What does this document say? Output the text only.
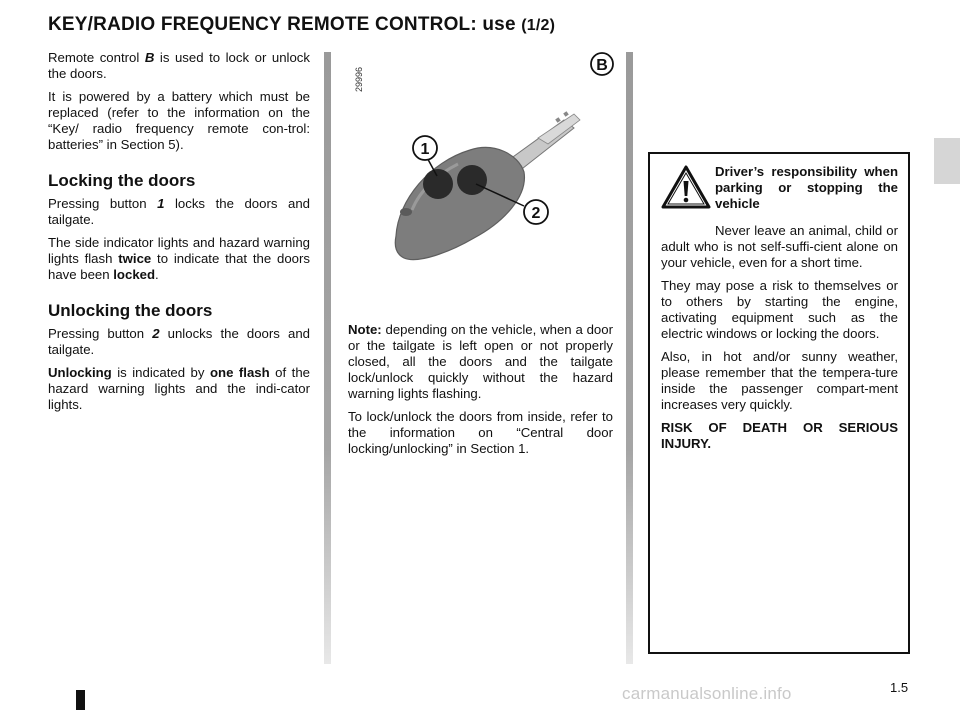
KEY/RADIO FREQUENCY REMOTE CONTROL: use (1/2)

Remote control B is used to lock or unlock the doors.

It is powered by a battery which must be replaced (refer to the information on the “Key/ radio frequency remote con-trol: batteries” in Section 5).

Locking the doors

Pressing button 1 locks the doors and tailgate.

The side indicator lights and hazard warning lights flash twice to indicate that the doors have been locked.

Unlocking the doors

Pressing button 2 unlocks the doors and tailgate.

Unlocking is indicated by one flash of the hazard warning lights and the indi-cator lights.

1
2
B
29996

Note: depending on the vehicle, when a door or the tailgate is left open or not properly closed, all the doors and the tailgate lock/unlock quickly without the hazard warning lights flashing.

To lock/unlock the doors from inside, refer to the information on “Central door locking/unlocking” in Section 1.

Driver’s responsibility when parking or stopping the vehicle

Never leave an animal, child or adult who is not self-suffi-cient alone on your vehicle, even for a short time.

They may pose a risk to themselves or to others by starting the engine, activating equipment such as the electric windows or locking the doors.

Also, in hot and/or sunny weather, please remember that the tempera-ture inside the passenger compart-ment increases very quickly.

RISK OF DEATH OR SERIOUS INJURY.

1.5
carmanualsonline.info
